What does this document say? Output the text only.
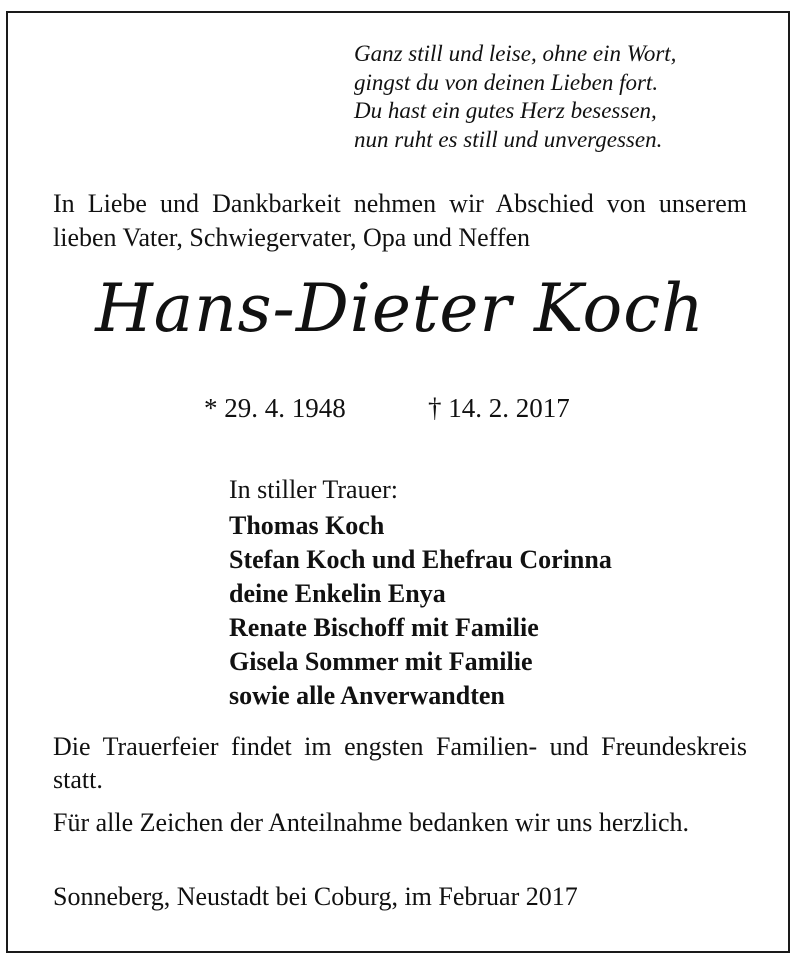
Ganz still und leise, ohne ein Wort,
gingst du von deinen Lieben fort.
Du hast ein gutes Herz besessen,
nun ruht es still und unvergessen.
In Liebe und Dankbarkeit nehmen wir Abschied von unserem lieben Vater, Schwiegervater, Opa und Neffen
Hans-Dieter Koch
* 29. 4. 1948	† 14. 2. 2017
In stiller Trauer:
Thomas Koch
Stefan Koch und Ehefrau Corinna
deine Enkelin Enya
Renate Bischoff mit Familie
Gisela Sommer mit Familie
sowie alle Anverwandten
Die Trauerfeier findet im engsten Familien- und Freundeskreis statt.
Für alle Zeichen der Anteilnahme bedanken wir uns herzlich.
Sonneberg, Neustadt bei Coburg, im Februar 2017
